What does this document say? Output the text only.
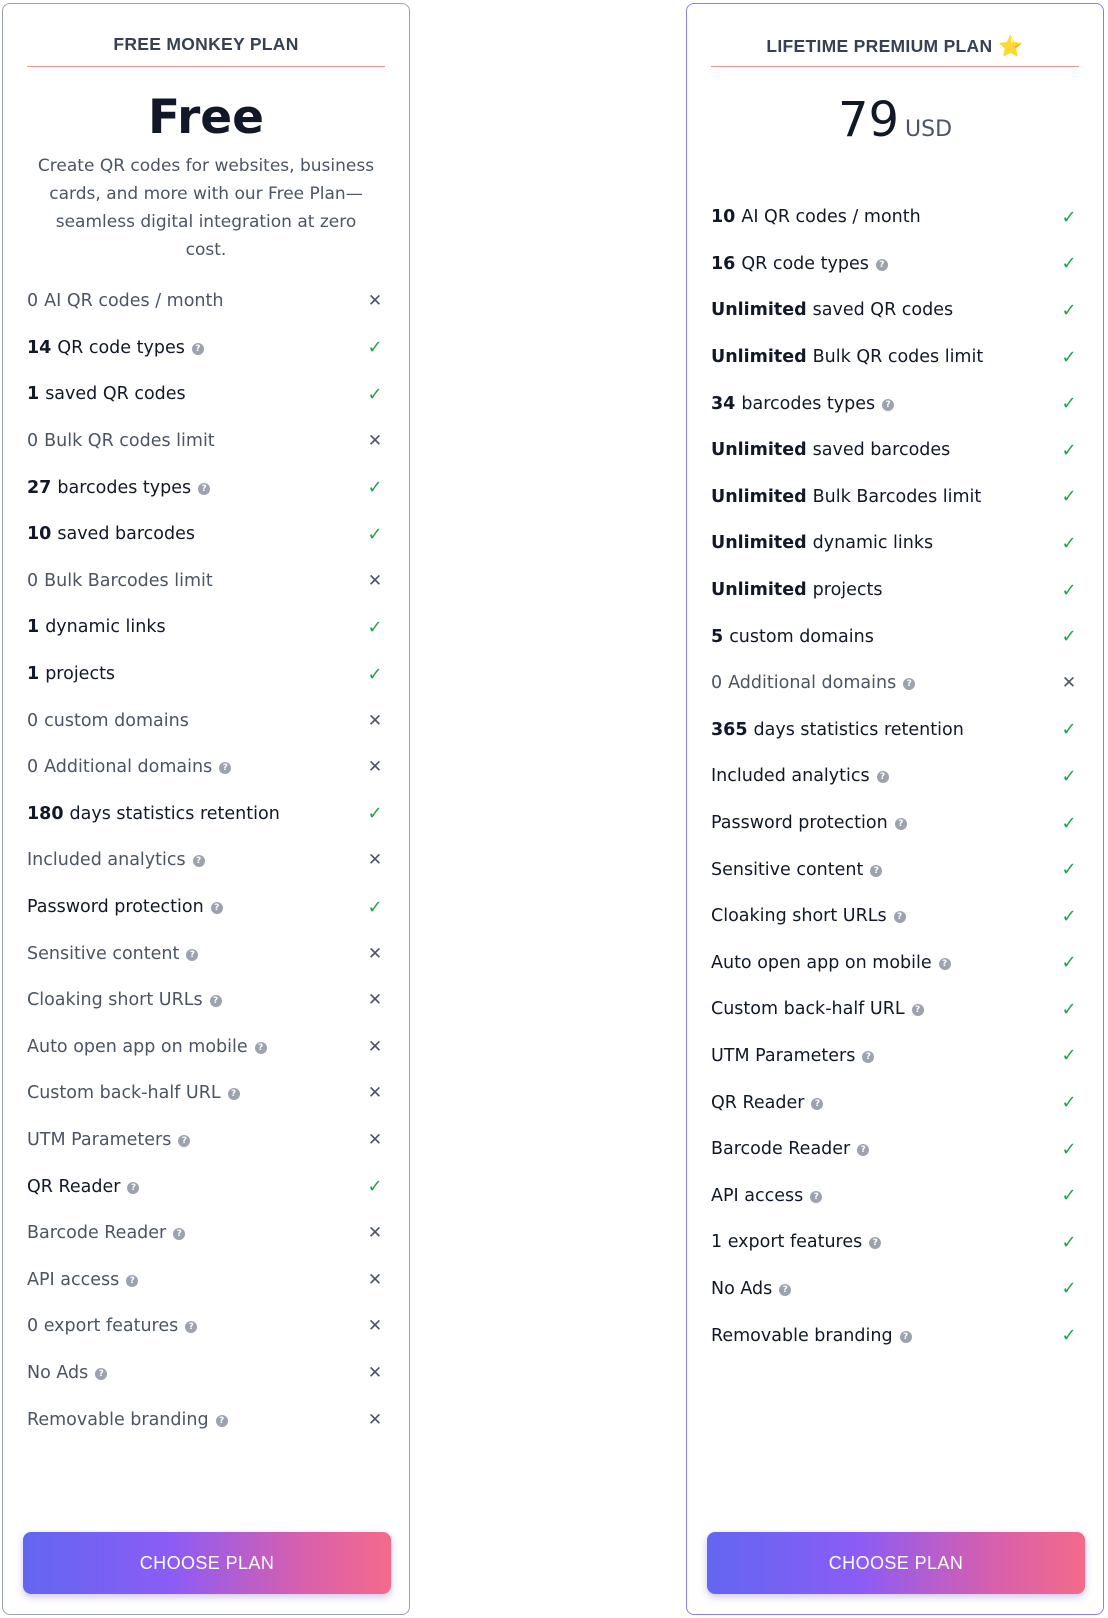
FREE MONKEY PLAN
Free
Create QR codes for websites, business cards, and more with our Free Plan—seamless digital integration at zero cost.
0 AI QR codes / month	✕
14 QR code types ?	✓
1 saved QR codes	✓
0 Bulk QR codes limit	✕
27 barcodes types ?	✓
10 saved barcodes	✓
0 Bulk Barcodes limit	✕
1 dynamic links	✓
1 projects	✓
0 custom domains	✕
0 Additional domains ?	✕
180 days statistics retention	✓
Included analytics ?	✕
Password protection ?	✓
Sensitive content ?	✕
Cloaking short URLs ?	✕
Auto open app on mobile ?	✕
Custom back-half URL ?	✕
UTM Parameters ?	✕
QR Reader ?	✓
Barcode Reader ?	✕
API access ?	✕
0 export features ?	✕
No Ads ?	✕
Removable branding ?	✕
CHOOSE PLAN
LIFETIME PREMIUM PLAN ⭐
79 USD
10 AI QR codes / month	✓
16 QR code types ?	✓
Unlimited saved QR codes	✓
Unlimited Bulk QR codes limit	✓
34 barcodes types ?	✓
Unlimited saved barcodes	✓
Unlimited Bulk Barcodes limit	✓
Unlimited dynamic links	✓
Unlimited projects	✓
5 custom domains	✓
0 Additional domains ?	✕
365 days statistics retention	✓
Included analytics ?	✓
Password protection ?	✓
Sensitive content ?	✓
Cloaking short URLs ?	✓
Auto open app on mobile ?	✓
Custom back-half URL ?	✓
UTM Parameters ?	✓
QR Reader ?	✓
Barcode Reader ?	✓
API access ?	✓
1 export features ?	✓
No Ads ?	✓
Removable branding ?	✓
CHOOSE PLAN
